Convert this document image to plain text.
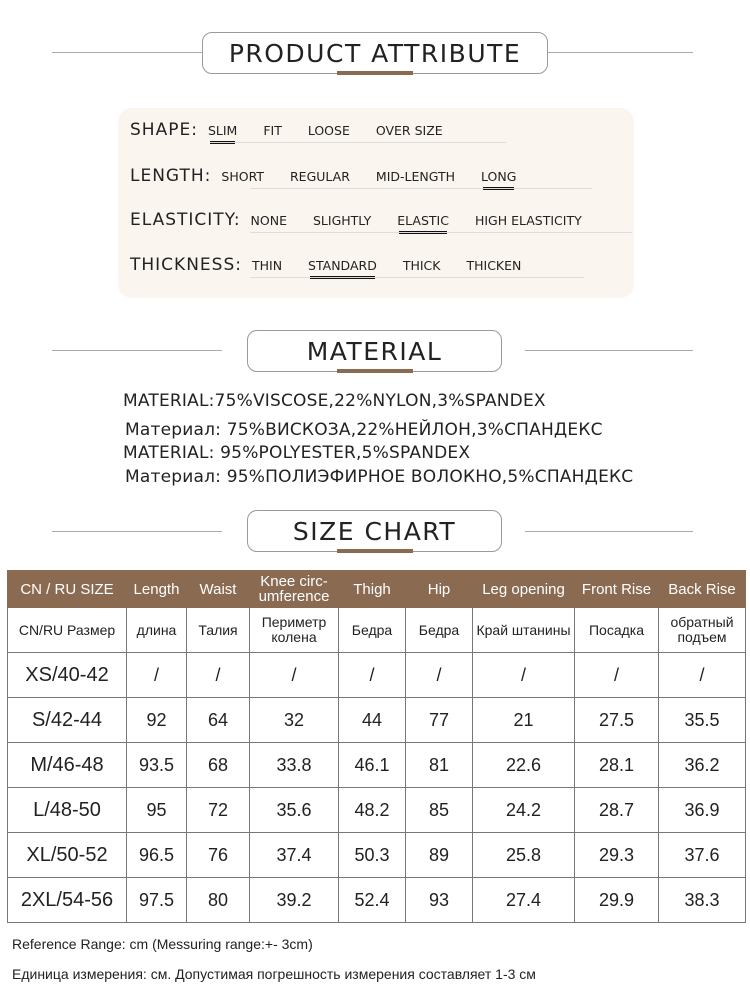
PRODUCT ATTRIBUTE
SHAPE: SLIM FIT LOOSE OVER SIZE
LENGTH: SHORT REGULAR MID-LENGTH LONG
ELASTICITY: NONE SLIGHTLY ELASTIC HIGH ELASTICITY
THICKNESS: THIN STANDARD THICK THICKEN
MATERIAL
MATERIAL:75%VISCOSE,22%NYLON,3%SPANDEX
Материал: 75%ВИСКОЗА,22%НЕЙЛОН,3%СПАНДЕКС
MATERIAL: 95%POLYESTER,5%SPANDEX
Материал: 95%ПОЛИЭФИРНОЕ ВОЛОКНО,5%СПАНДЕКС
SIZE CHART
CN / RU SIZE	Length	Waist	Knee circ-umference	Thigh	Hip	Leg opening	Front Rise	Back Rise
CN/RU Размер	длина	Талия	Периметр колена	Бедра	Бедра	Край штанины	Посадка	обратный подъем
XS/40-42	/	/	/	/	/	/	/	/
S/42-44	92	64	32	44	77	21	27.5	35.5
M/46-48	93.5	68	33.8	46.1	81	22.6	28.1	36.2
L/48-50	95	72	35.6	48.2	85	24.2	28.7	36.9
XL/50-52	96.5	76	37.4	50.3	89	25.8	29.3	37.6
2XL/54-56	97.5	80	39.2	52.4	93	27.4	29.9	38.3
Reference Range: cm (Messuring range:+- 3cm)
Единица измерения: см. Допустимая погрешность измерения составляет 1-3 см
